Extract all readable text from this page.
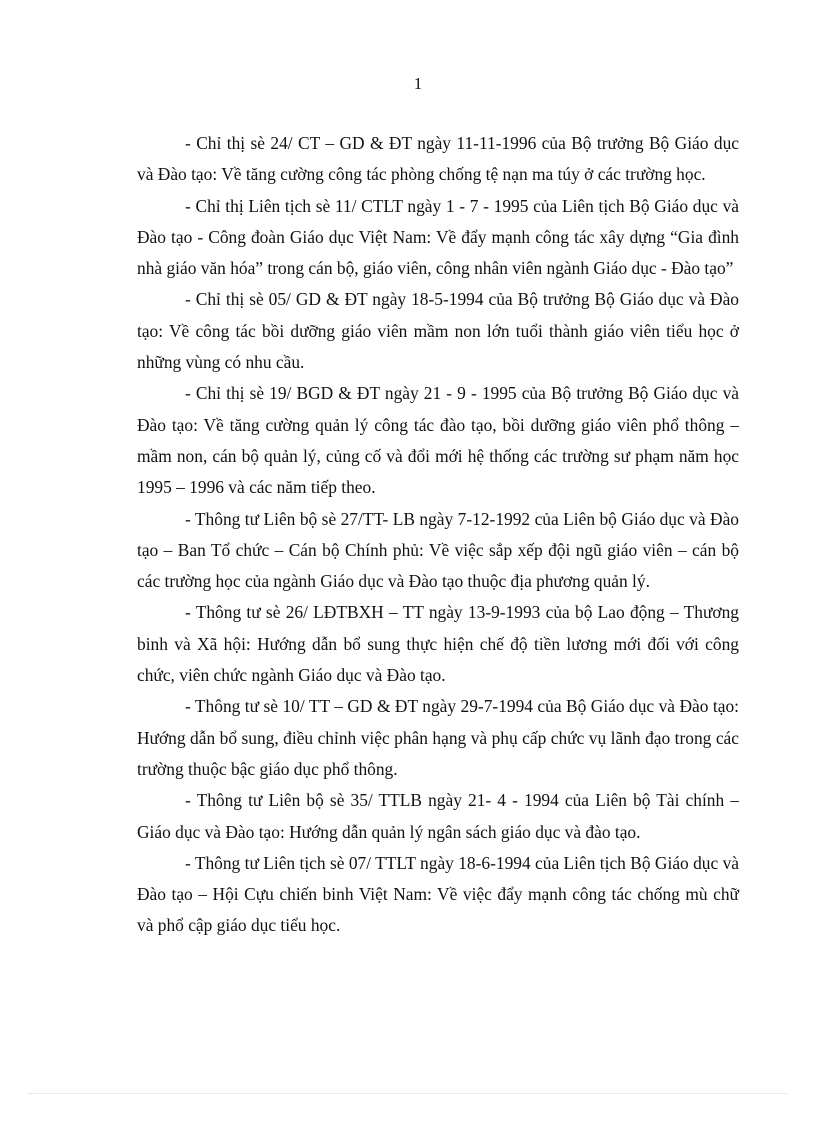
1

- Chỉ thị sè 24/ CT – GD & ĐT ngày 11-11-1996 của Bộ trưởng Bộ Giáo dục và Đào tạo: Về tăng cường công tác phòng chống tệ nạn ma túy ở các trường học.

- Chỉ thị Liên tịch sè 11/ CTLT ngày 1 - 7 - 1995 của Liên tịch Bộ Giáo dục và Đào tạo - Công đoàn Giáo dục Việt Nam: Về đẩy mạnh công tác xây dựng “Gia đình nhà giáo văn hóa” trong cán bộ, giáo viên, công nhân viên ngành Giáo dục - Đào tạo”

- Chỉ thị sè 05/ GD & ĐT ngày 18-5-1994 của Bộ trưởng Bộ Giáo dục và Đào tạo: Về công tác bồi dưỡng giáo viên mầm non lớn tuổi thành giáo viên tiểu học ở những vùng có nhu cầu.

- Chỉ thị sè 19/ BGD & ĐT ngày 21 - 9 - 1995 của Bộ trưởng Bộ Giáo dục và Đào tạo: Về tăng cường quản lý công tác đào tạo, bồi dưỡng giáo viên phổ thông – mầm non, cán bộ quản lý, củng cố và đổi mới hệ thống các trường sư phạm năm học 1995 – 1996 và các năm tiếp theo.

- Thông tư Liên bộ sè 27/TT- LB ngày 7-12-1992 của Liên bộ Giáo dục và Đào tạo – Ban Tổ chức – Cán bộ Chính phủ: Về việc sắp xếp đội ngũ giáo viên – cán bộ các trường học của ngành Giáo dục và Đào tạo thuộc địa phương quản lý.

- Thông tư sè 26/ LĐTBXH – TT ngày 13-9-1993 của bộ Lao động – Thương binh và Xã hội: Hướng dẫn bổ sung thực hiện chế độ tiền lương mới đối với công chức, viên chức ngành Giáo dục và Đào tạo.

- Thông tư sè 10/ TT – GD & ĐT ngày 29-7-1994 của Bộ Giáo dục và Đào tạo: Hướng dẫn bổ sung, điều chỉnh việc phân hạng và phụ cấp chức vụ lãnh đạo trong các trường thuộc bậc giáo dục phổ thông.

- Thông tư Liên bộ sè 35/ TTLB ngày 21- 4 - 1994 của Liên bộ Tài chính – Giáo dục và Đào tạo: Hướng dẫn quản lý ngân sách giáo dục và đào tạo.

- Thông tư Liên tịch sè 07/ TTLT ngày 18-6-1994 của Liên tịch Bộ Giáo dục và Đào tạo – Hội Cựu chiến binh Việt Nam: Về việc đẩy mạnh công tác chống mù chữ và phổ cập giáo dục tiểu học.
